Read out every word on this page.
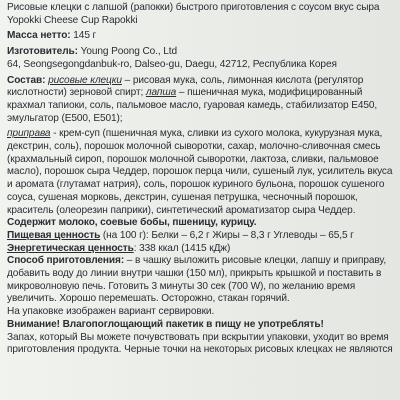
Рисовые клецки с лапшой (рапокки) быстрого приготовления с соусом вкус сыра

Yopokki Cheese Cup Rapokki

Масса нетто: 145 г

Изготовитель: Young Poong Co., Ltd

64, Seongsegongdanbuk-ro, Dalseo-gu, Daegu, 42712, Республика Корея

Состав: рисовые клецки – рисовая мука, соль, лимонная кислота (регулятор кислотности) зерновой спирт; лапша – пшеничная мука, модифицированный крахмал тапиоки, соль, пальмовое масло, гуаровая камедь, стабилизатор E450, эмульгатор (E500, E501);

приправа - крем-суп (пшеничная мука, сливки из сухого молока, кукурузная мука, декстрин, соль), порошок молочной сыворотки, сахар, молочно-сливочная смесь (крахмальный сироп, порошок молочной сыворотки, лактоза, сливки, пальмовое масло), порошок сыра Чеддер, порошок перца чили, сушеный лук, усилитель вкуса и аромата (глутамат натрия), соль, порошок куриного бульона, порошок сушеного соуса, сушеная морковь, декстрин, сушеная петрушка, чесночный порошок, краситель (олеорезин паприки), синтетический ароматизатор сыра Чеддер.

Содержит молоко, соевые бобы, пшеницу, курицу.

Пищевая ценность (на 100 г): Белки – 6,2 г Жиры – 8,3 г Углеводы – 65,5 г

Энергетическая ценность: 338 ккал (1415 кДж)

Способ приготовления: – в чашку выложить рисовые клецки, лапшу и приправу, добавить воду до линии внутри чашки (150 мл), прикрыть крышкой и поставить в микроволновую печь. Готовить 3 минуты 30 сек (700 W), по желанию время увеличить. Хорошо перемешать. Осторожно, стакан горячий.

На упаковке изображен вариант сервировки.

Внимание! Влагопоглощающий пакетик в пищу не употреблять!

Запах, который Вы можете почувствовать при вскрытии упаковки, уходит во время приготовления продукта. Черные точки на некоторых рисовых клецках не являются
